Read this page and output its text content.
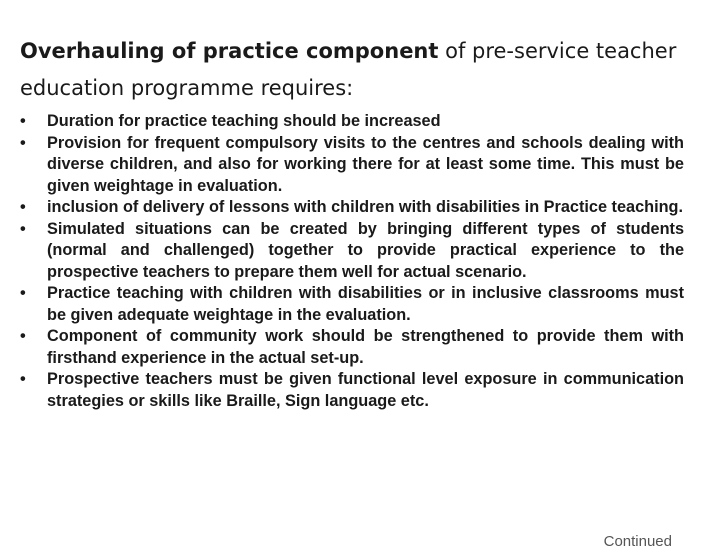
Overhauling of practice component of pre-service teacher education programme requires:

•	Duration for practice teaching should be increased
•	Provision for frequent compulsory visits to the centres and schools dealing with diverse children, and also for working there for at least some time. This must be given weightage in evaluation.
•	inclusion of delivery of lessons with children with disabilities in Practice teaching.
•	Simulated situations can be created by bringing different types of students (normal and challenged) together to provide practical experience to the prospective teachers to prepare them well for actual scenario.
•	Practice teaching with children with disabilities or in inclusive classrooms must be given adequate weightage in the evaluation.
•	Component of community work should be strengthened to provide them with firsthand experience in the actual set-up.
•	Prospective teachers must be given functional level exposure in communication strategies or skills like Braille, Sign language etc.
Continued
